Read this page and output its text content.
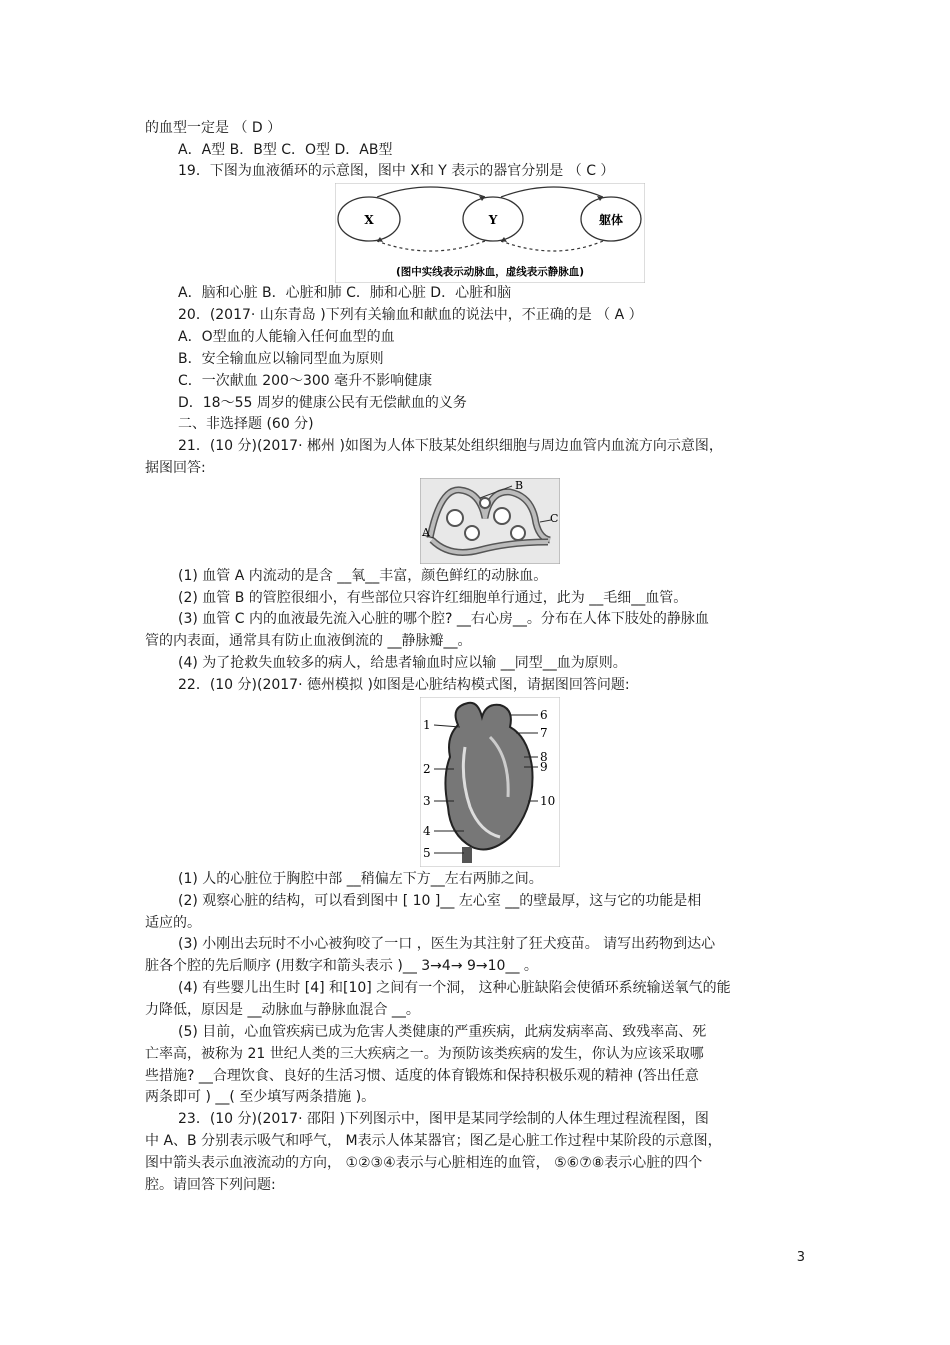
的血型一定是 （ D ）
A．A型 B．B型 C．O型 D．AB型
19．下图为血液循环的示意图，图中 X和 Y 表示的器官分别是 （ C ）
X	Y	躯体
(图中实线表示动脉血，虚线表示静脉血)
A．脑和心脏 B．心脏和肺 C．肺和心脏 D．心脏和脑
20．(2017· 山东青岛 )下列有关输血和献血的说法中，不正确的是 （ A ）
A．O型血的人能输入任何血型的血
B．安全输血应以输同型血为原则
C．一次献血 200～300 毫升不影响健康
D．18～55 周岁的健康公民有无偿献血的义务
二、非选择题 (60 分)
21．(10 分)(2017· 郴州 )如图为人体下肢某处组织细胞与周边血管内血流方向示意图，
据图回答:
A
B
C
(1) 血管 A 内流动的是含 __氧__丰富，颜色鲜红的动脉血。
(2) 血管 B 的管腔很细小，有些部位只容许红细胞单行通过，此为 __毛细__血管。
(3) 血管 C 内的血液最先流入心脏的哪个腔? __右心房__。分布在人体下肢处的静脉血
管的内表面，通常具有防止血液倒流的 __静脉瓣__。
(4) 为了抢救失血较多的病人，给患者输血时应以输 __同型__血为原则。
22．(10 分)(2017· 德州模拟 )如图是心脏结构模式图，请据图回答问题:
1
2
3
4
5
6
7
8
9
10
(1) 人的心脏位于胸腔中部 __稍偏左下方__左右两肺之间。
(2) 观察心脏的结构，可以看到图中 [ 10 ]__ 左心室 __的壁最厚，这与它的功能是相
适应的。
(3) 小刚出去玩时不小心被狗咬了一口 ，医生为其注射了狂犬疫苗。 请写出药物到达心
脏各个腔的先后顺序 (用数字和箭头表示 )__ 3→4→ 9→10__ 。
(4) 有些婴儿出生时 [4] 和[10] 之间有一个洞， 这种心脏缺陷会使循环系统输送氧气的能
力降低，原因是 __动脉血与静脉血混合 __。
(5) 目前，心血管疾病已成为危害人类健康的严重疾病，此病发病率高、致残率高、死
亡率高，被称为 21 世纪人类的三大疾病之一。为预防该类疾病的发生，你认为应该采取哪
些措施? __合理饮食、良好的生活习惯、适度的体育锻炼和保持积极乐观的精神 (答出任意
两条即可 ) __( 至少填写两条措施 )。
23．(10 分)(2017· 邵阳 )下列图示中，图甲是某同学绘制的人体生理过程流程图，图
中 A、B 分别表示吸气和呼气， M表示人体某器官；图乙是心脏工作过程中某阶段的示意图，
图中箭头表示血液流动的方向， ①②③④表示与心脏相连的血管， ⑤⑥⑦⑧表示心脏的四个
腔。请回答下列问题:
3
